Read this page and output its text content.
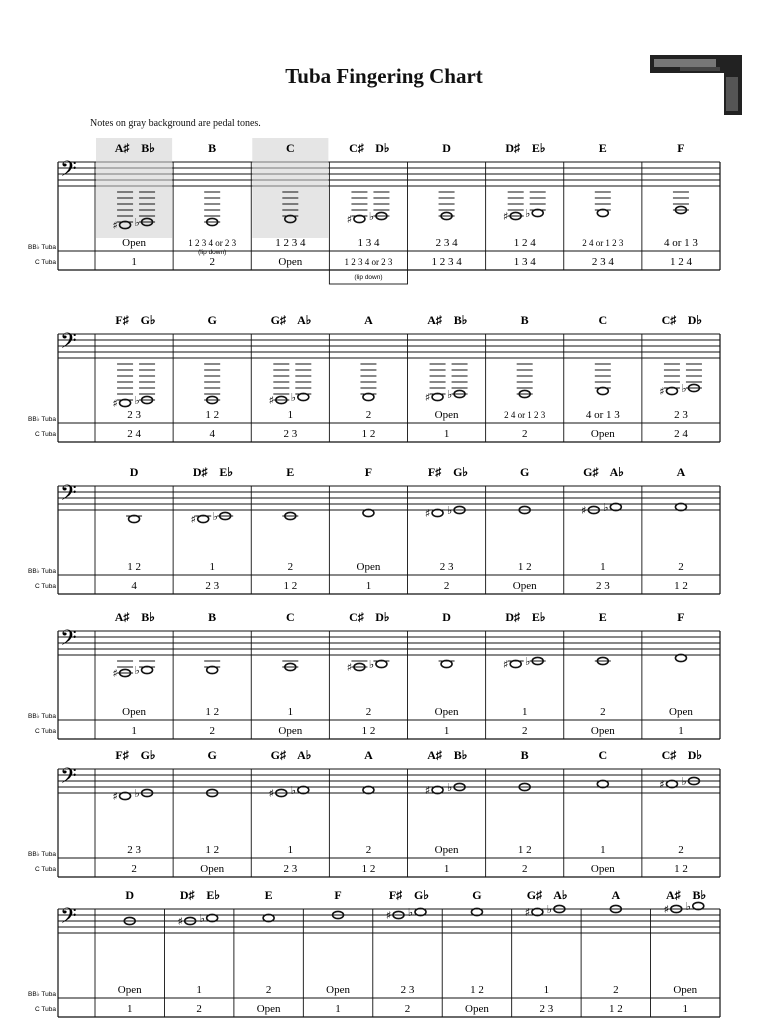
Tuba Fingering Chart
Notes on gray background are pedal tones.
𝄢
BB♭ Tuba
C Tuba
A♯ B♭
♯ ♭
Open
1
B
1 2 3 4 or 2 3
(lip down)
2
C
1 2 3 4
Open
C♯ D♭
♯ ♭
1 3 4
1 2 3 4 or 2 3
(lip down)
D
2 3 4
1 2 3 4
D♯ E♭
♯ ♭
1 2 4
1 3 4
E
2 4 or 1 2 3
2 3 4
F
4 or 1 3
1 2 4
𝄢
BB♭ Tuba
C Tuba
F♯ G♭
♯ ♭
2 3
2 4
G
1 2
4
G♯ A♭
♯ ♭
1
2 3
A
2
1 2
A♯ B♭
♯ ♭
Open
1
B
2 4 or 1 2 3
2
C
4 or 1 3
Open
C♯ D♭
♯ ♭
2 3
2 4
𝄢
BB♭ Tuba
C Tuba
D
1 2
4
D♯ E♭
♯ ♭
1
2 3
E
2
1 2
F
Open
1
F♯ G♭
♯ ♭
2 3
2
G
1 2
Open
G♯ A♭
♯ ♭
1
2 3
A
2
1 2
𝄢
BB♭ Tuba
C Tuba
A♯ B♭
♯ ♭
Open
1
B
1 2
2
C
1
Open
C♯ D♭
♯ ♭
2
1 2
D
Open
1
D♯ E♭
♯ ♭
1
2
E
2
Open
F
Open
1
𝄢
BB♭ Tuba
C Tuba
F♯ G♭
♯ ♭
2 3
2
G
1 2
Open
G♯ A♭
♯ ♭
1
2 3
A
2
1 2
A♯ B♭
♯ ♭
Open
1
B
1 2
2
C
1
Open
C♯ D♭
♯ ♭
2
1 2
𝄢
BB♭ Tuba
C Tuba
D
Open
1
D♯ E♭
♯ ♭
1
2
E
2
Open
F
Open
1
F♯ G♭
♯ ♭
2 3
2
G
1 2
Open
G♯ A♭
♯ ♭
1
2 3
A
2
1 2
A♯ B♭
♯ ♭
Open
1
